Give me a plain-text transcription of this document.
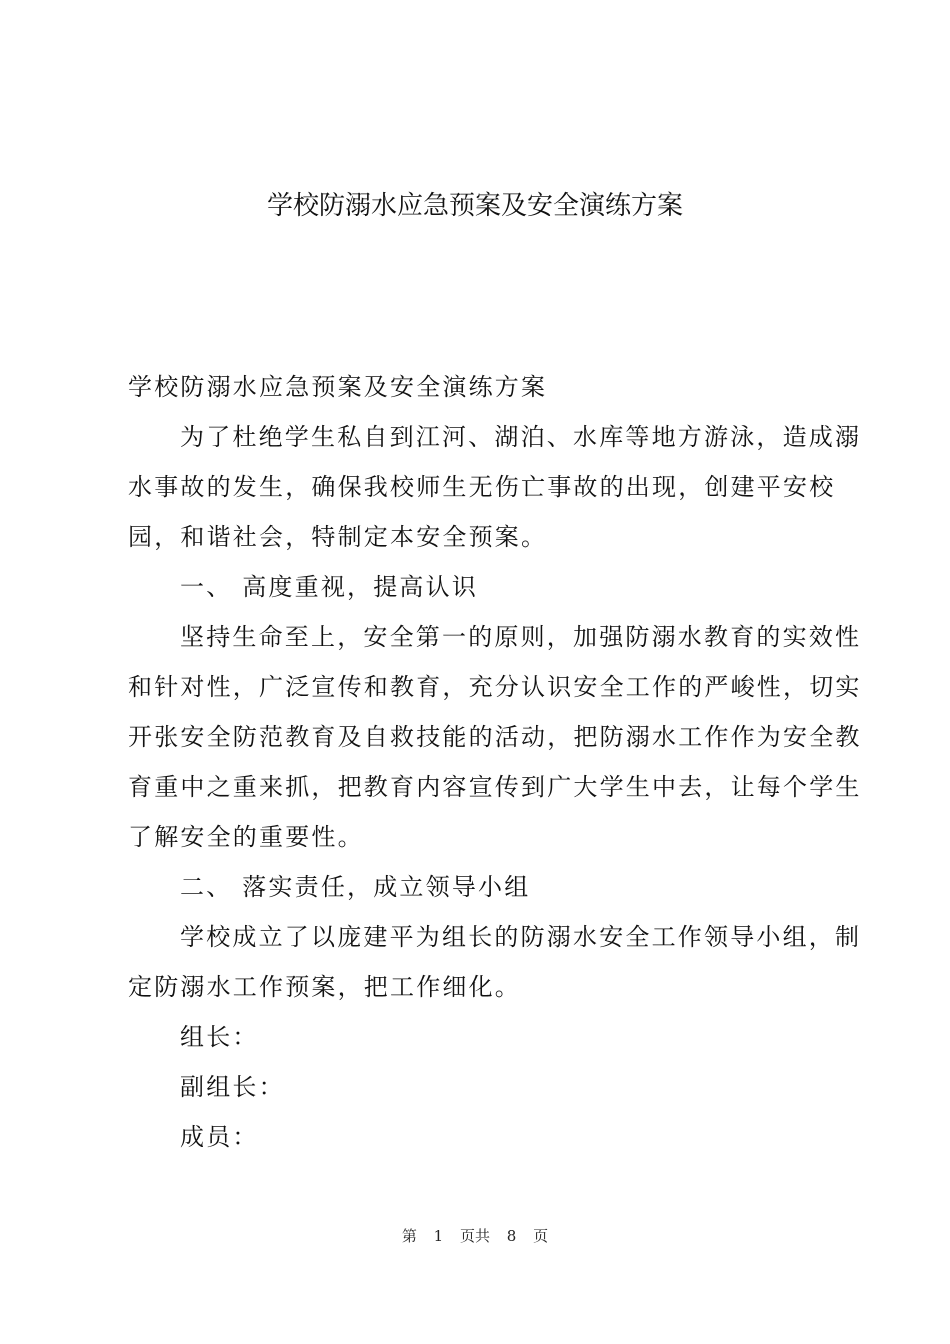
学校防溺水应急预案及安全演练方案

学校防溺水应急预案及安全演练方案

为了杜绝学生私自到江河、湖泊、水库等地方游泳，造成溺

水事故的发生，确保我校师生无伤亡事故的出现，创建平安校

园，和谐社会，特制定本安全预案。

一、 高度重视，提高认识

坚持生命至上，安全第一的原则，加强防溺水教育的实效性

和针对性，广泛宣传和教育，充分认识安全工作的严峻性，切实

开张安全防范教育及自救技能的活动，把防溺水工作作为安全教

育重中之重来抓，把教育内容宣传到广大学生中去，让每个学生

了解安全的重要性。

二、 落实责任，成立领导小组

学校成立了以庞建平为组长的防溺水安全工作领导小组，制

定防溺水工作预案，把工作细化。

组长：

副组长：

成员：

第 1 页共 8 页
